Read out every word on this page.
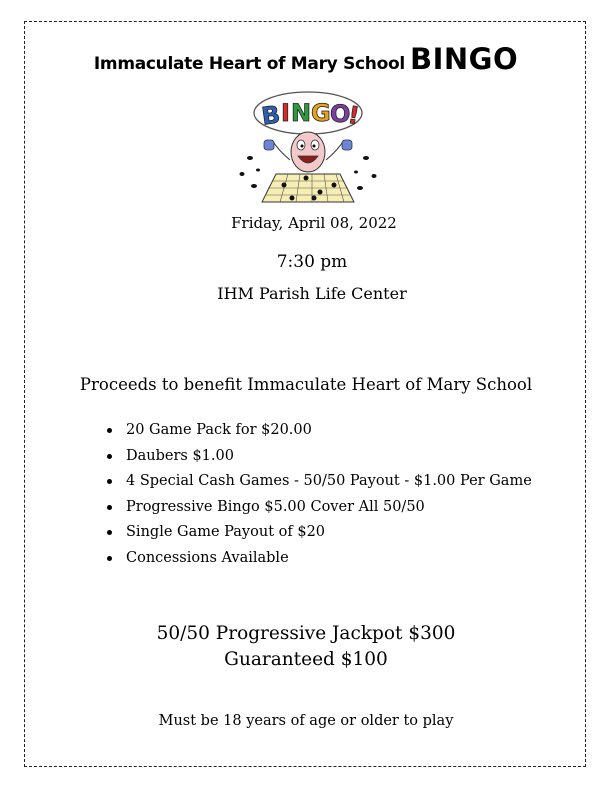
Immaculate Heart of Mary School BINGO
B I N G O
!
Friday, April 08, 2022
7:30 pm
IHM Parish Life Center
Proceeds to benefit Immaculate Heart of Mary School
20 Game Pack for $20.00
Daubers $1.00
4 Special Cash Games - 50/50 Payout - $1.00 Per Game
Progressive Bingo $5.00 Cover All 50/50
Single Game Payout of $20
Concessions Available
50/50 Progressive Jackpot $300
Guaranteed $100
Must be 18 years of age or older to play
